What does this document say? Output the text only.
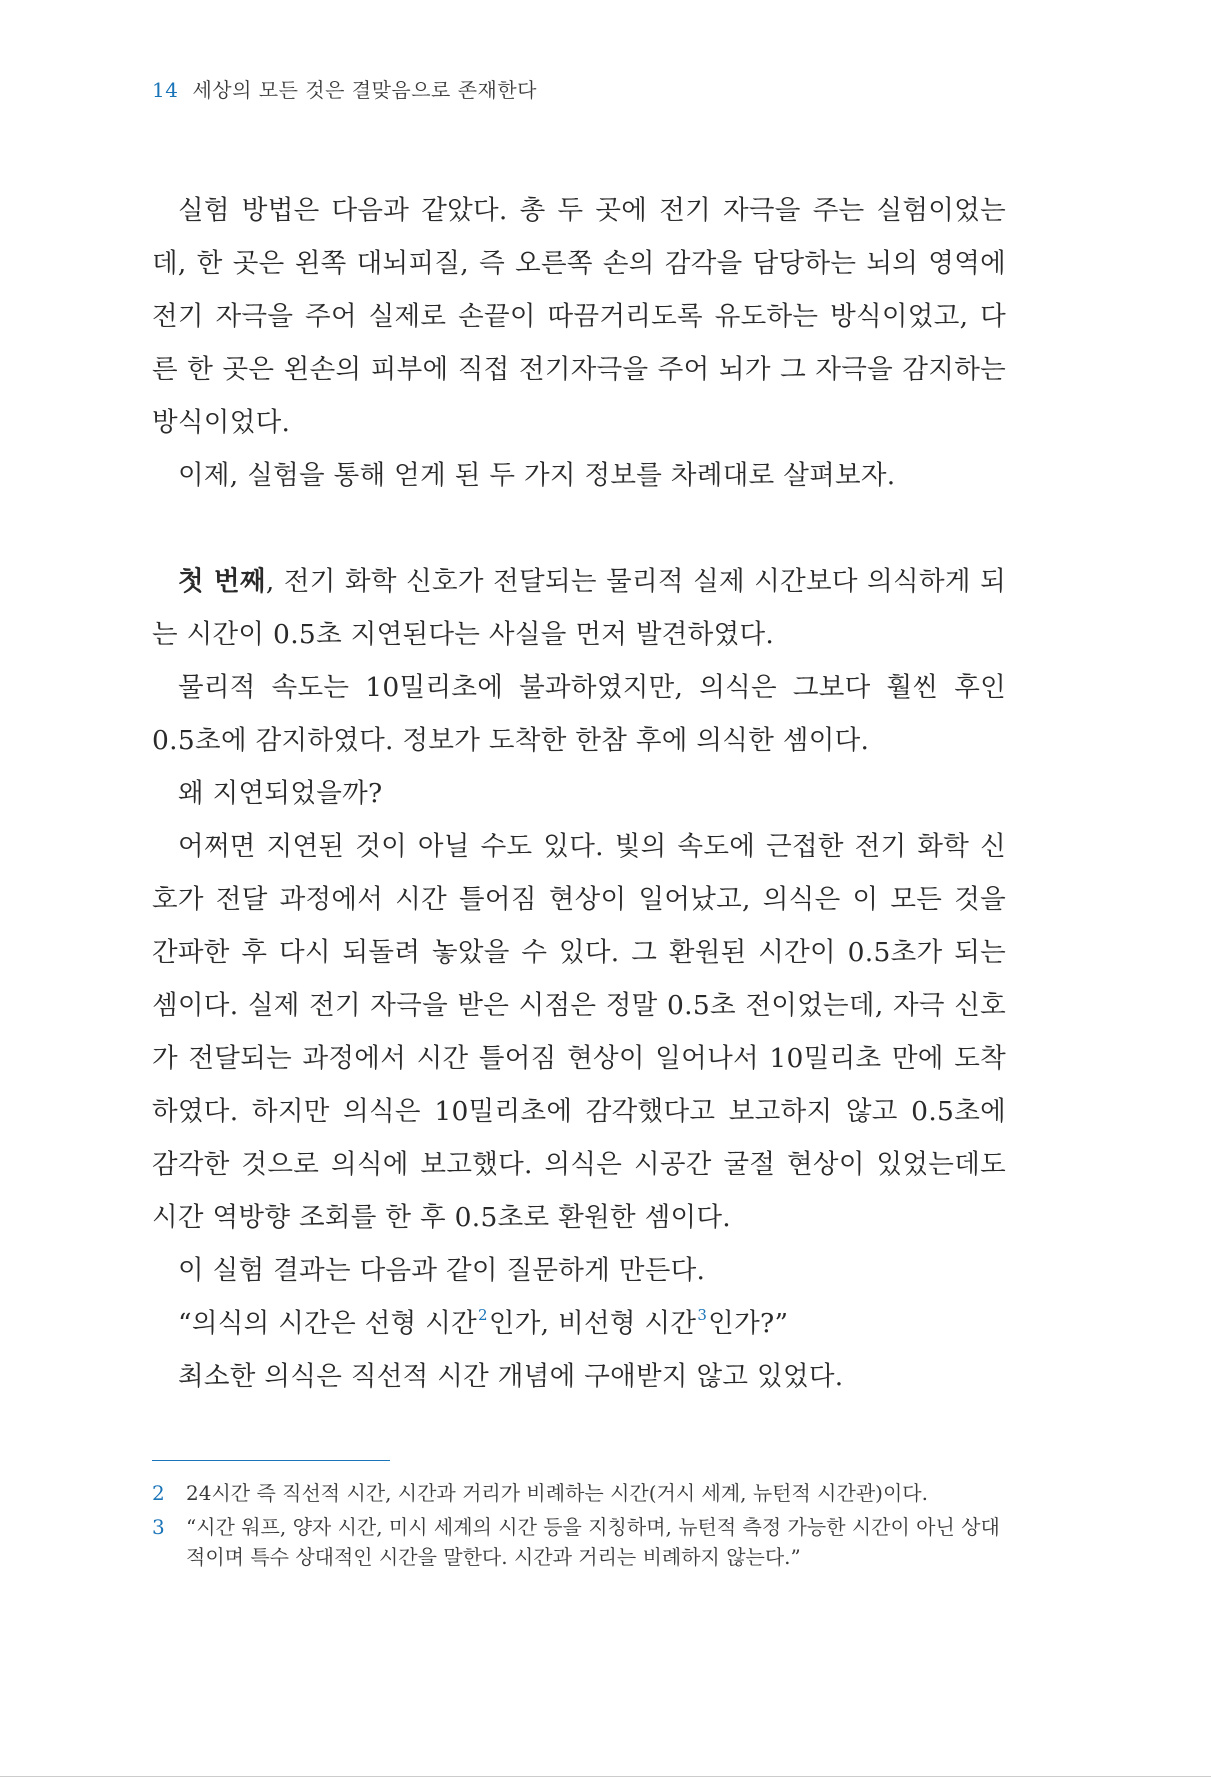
14 세상의 모든 것은 결맞음으로 존재한다

실험 방법은 다음과 같았다. 총 두 곳에 전기 자극을 주는 실험이었는데, 한 곳은 왼쪽 대뇌피질, 즉 오른쪽 손의 감각을 담당하는 뇌의 영역에 전기 자극을 주어 실제로 손끝이 따끔거리도록 유도하는 방식이었고, 다른 한 곳은 왼손의 피부에 직접 전기자극을 주어 뇌가 그 자극을 감지하는 방식이었다.

이제, 실험을 통해 얻게 된 두 가지 정보를 차례대로 살펴보자.

첫 번째, 전기 화학 신호가 전달되는 물리적 실제 시간보다 의식하게 되는 시간이 0.5초 지연된다는 사실을 먼저 발견하였다.

물리적 속도는 10밀리초에 불과하였지만, 의식은 그보다 훨씬 후인 0.5초에 감지하였다. 정보가 도착한 한참 후에 의식한 셈이다.

왜 지연되었을까?

어쩌면 지연된 것이 아닐 수도 있다. 빛의 속도에 근접한 전기 화학 신호가 전달 과정에서 시간 틀어짐 현상이 일어났고, 의식은 이 모든 것을 간파한 후 다시 되돌려 놓았을 수 있다. 그 환원된 시간이 0.5초가 되는 셈이다. 실제 전기 자극을 받은 시점은 정말 0.5초 전이었는데, 자극 신호가 전달되는 과정에서 시간 틀어짐 현상이 일어나서 10밀리초 만에 도착하였다. 하지만 의식은 10밀리초에 감각했다고 보고하지 않고 0.5초에 감각한 것으로 의식에 보고했다. 의식은 시공간 굴절 현상이 있었는데도 시간 역방향 조회를 한 후 0.5초로 환원한 셈이다.

이 실험 결과는 다음과 같이 질문하게 만든다.

“의식의 시간은 선형 시간$^2$인가, 비선형 시간$^3$인가?”

최소한 의식은 직선적 시간 개념에 구애받지 않고 있었다.

2 24시간 즉 직선적 시간, 시간과 거리가 비례하는 시간(거시 세계, 뉴턴적 시간관)이다.
3 “시간 워프, 양자 시간, 미시 세계의 시간 등을 지칭하며, 뉴턴적 측정 가능한 시간이 아닌 상대적이며 특수 상대적인 시간을 말한다. 시간과 거리는 비례하지 않는다.”
